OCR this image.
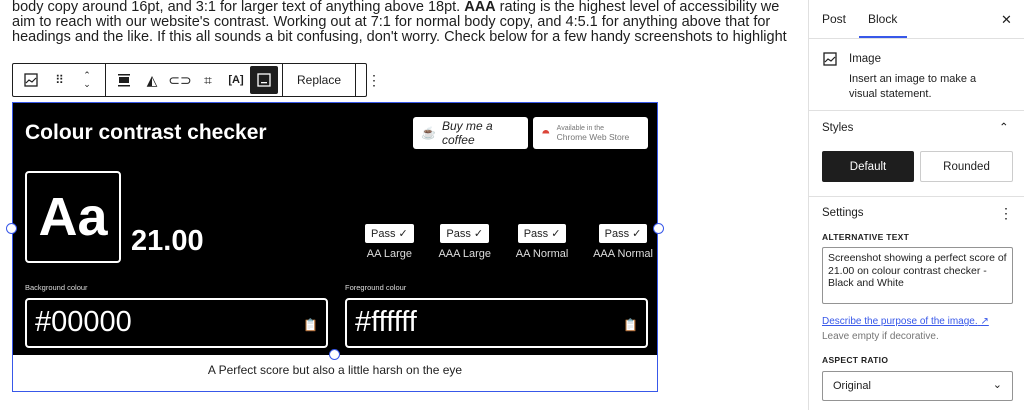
body copy around 16pt, and 3:1 for larger text of anything above 18pt. AAA rating is the highest level of accessibility we aim to reach with our website's contrast. Working out at 7:1 for normal body copy, and 4:5.1 for anything above that for headings and the like. If this all sounds a bit confusing, don't worry. Check below for a few handy screenshots to highlight

⠿	⌃
⌄	◭ ⊂⊃ ⌗	[A]	Replace	⋮
Colour contrast checker	☕ Buy me a coffee	◓ Available in the
Chrome Web Store
Aa 21.00	Pass ✓
AA Large
Pass ✓
AAA Large
Pass ✓
AA Normal
Pass ✓
AAA Normal
Background colour
#00000	📋
Foreground colour
#ffffff	📋
A Perfect score but also a little harsh on the eye
Post Block	✕
Image
Insert an image to make a visual statement.
Styles	⌃
Default	Rounded
Settings	⋮
ALTERNATIVE TEXT
Screenshot showing a perfect score of 21.00 on colour contrast checker - Black and White
Describe the purpose of the image. ↗
Leave empty if decorative.
ASPECT RATIO
Original	⌄
